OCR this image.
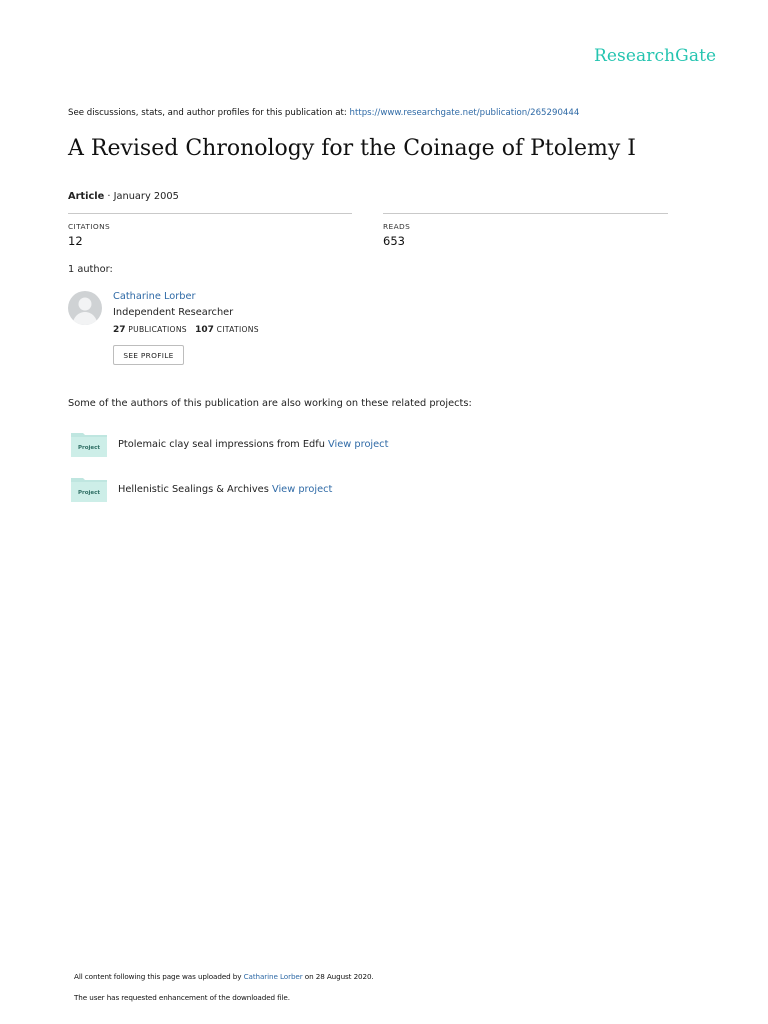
ResearchGate
See discussions, stats, and author profiles for this publication at: https://www.researchgate.net/publication/265290444
A Revised Chronology for the Coinage of Ptolemy I
Article · January 2005
CITATIONS
12
READS
653
1 author:
Catharine Lorber
Independent Researcher
27 PUBLICATIONS 107 CITATIONS
SEE PROFILE
Some of the authors of this publication are also working on these related projects:
Project Ptolemaic clay seal impressions from Edfu View project
Project Hellenistic Sealings & Archives View project
All content following this page was uploaded by Catharine Lorber on 28 August 2020.
The user has requested enhancement of the downloaded file.
